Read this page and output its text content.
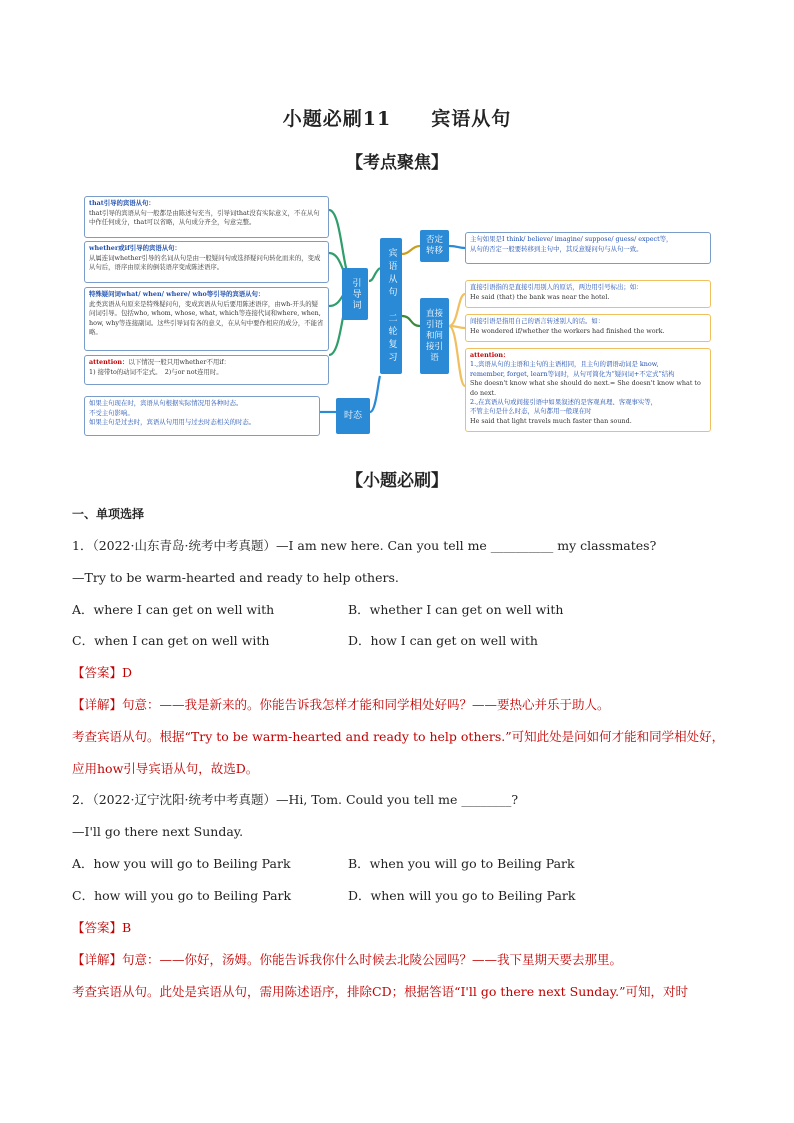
小题必刷11 宾语从句
【考点聚焦】
that引导的宾语从句：
that引导的宾语从句一般都是由陈述句充当，引导词that没有实际意义，不在从句中作任何成分，that可以省略，从句成分齐全，句意完整。
whether或if引导的宾语从句：
从属连词whether引导的名词从句是由一般疑问句或选择疑问句转化而来的，变成从句后，语序由原来的倒装语序变成陈述语序。
特殊疑问词what/ when/ where/ who等引导的宾语从句：
此类宾语从句原来是特殊疑问句，变成宾语从句后要用陈述语序，由wh-开头的疑问词引导。包括who, whom, whose, what, which等连接代词和where, when, how, why等连接副词。这些引导词有各的意义，在从句中要作相应的成分，不能省略。
attention：以下情况一般只用whether不用if：
1) 接带to的动词不定式。　2)与or not连用时。
如果主句现在时，宾语从句根据实际情况用各种时态。
不受主句影响。
如果主句是过去时，宾语从句用用与过去时态相关的时态。
引导词	宾语从句　二轮复习
时态
否定转移
直接引语和间接引语
主句如果是I think/ believe/ imagine/ suppose/ guess/ expect等，
从句的否定一般要转移到主句中，其反意疑问句与从句一致。
直接引语指的是直接引用别人的原话，两边用引号标出；如：
He said (that) the bank was near the hotel.
间接引语是指用自己的语言转述别人的话。如：
He wondered if/whether the workers had finished the work.
attention：
1.,宾语从句的主语和主句的主语相同，且主句的谓语动词是 know,
remember, forget, learn等词时，从句可简化为“疑问词+不定式”结构
She doesn't know what she should do next.= She doesn't know what to do next.
2.,在宾语从句或间接引语中如果叙述的是客观真理、客观事实等，
不管主句是什么时态，从句都用一般现在时
He said that light travels much faster than sound.
【小题必刷】
一、单项选择
1．（2022·山东青岛·统考中考真题）—I am new here. Can you tell me __________ my classmates?
—Try to be warm-hearted and ready to help others.
A．where I can get on well with	B．whether I can get on well with
C．when I can get on well with	D．how I can get on well with
【答案】D
【详解】句意：——我是新来的。你能告诉我怎样才能和同学相处好吗？——要热心并乐于助人。
考查宾语从句。根据“Try to be warm-hearted and ready to help others.”可知此处是问如何才能和同学相处好，
应用how引导宾语从句，故选D。
2．（2022·辽宁沈阳·统考中考真题）—Hi, Tom. Could you tell me ________?
—I'll go there next Sunday.
A．how you will go to Beiling Park	B．when you will go to Beiling Park
C．how will you go to Beiling Park	D．when will you go to Beiling Park
【答案】B
【详解】句意：——你好，汤姆。你能告诉我你什么时候去北陵公园吗？——我下星期天要去那里。
考查宾语从句。此处是宾语从句，需用陈述语序，排除CD；根据答语“I'll go there next Sunday.”可知，对时
